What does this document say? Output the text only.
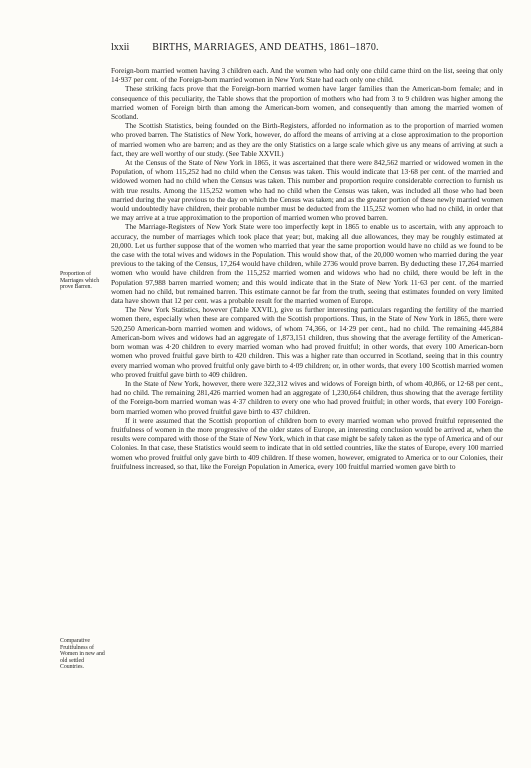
lxxii	BIRTHS, MARRIAGES, AND DEATHS, 1861–1870.
Proportion of Marriages which prove Barren.
Comparative Fruitfulness of Women in new and old settled Countries.

Foreign-born married women having 3 children each. And the women who had only one child came third on the list, seeing that only 14·937 per cent. of the Foreign-born married women in New York State had each only one child.

These striking facts prove that the Foreign-born married women have larger families than the American-born female; and in consequence of this peculiarity, the Table shows that the proportion of mothers who had from 3 to 9 children was higher among the married women of Foreign birth than among the American-born women, and consequently than among the married women of Scotland.

The Scottish Statistics, being founded on the Birth-Registers, afforded no information as to the proportion of married women who proved barren. The Statistics of New York, however, do afford the means of arriving at a close approximation to the proportion of married women who are barren; and as they are the only Statistics on a large scale which give us any means of arriving at such a fact, they are well worthy of our study. (See Table XXVII.)

At the Census of the State of New York in 1865, it was ascertained that there were 842,562 married or widowed women in the Population, of whom 115,252 had no child when the Census was taken. This would indicate that 13·68 per cent. of the married and widowed women had no child when the Census was taken. This number and proportion require considerable correction to furnish us with true results. Among the 115,252 women who had no child when the Census was taken, was included all those who had been married during the year previous to the day on which the Census was taken; and as the greater portion of these newly married women would undoubtedly have children, their probable number must be deducted from the 115,252 women who had no child, in order that we may arrive at a true approximation to the proportion of married women who proved barren.

The Marriage-Registers of New York State were too imperfectly kept in 1865 to enable us to ascertain, with any approach to accuracy, the number of marriages which took place that year; but, making all due allowances, they may be roughly estimated at 20,000. Let us further suppose that of the women who married that year the same proportion would have no child as we found to be the case with the total wives and widows in the Population. This would show that, of the 20,000 women who married during the year previous to the taking of the Census, 17,264 would have children, while 2736 would prove barren. By deducting these 17,264 married women who would have children from the 115,252 married women and widows who had no child, there would be left in the Population 97,988 barren married women; and this would indicate that in the State of New York 11·63 per cent. of the married women had no child, but remained barren. This estimate cannot be far from the truth, seeing that estimates founded on very limited data have shown that 12 per cent. was a probable result for the married women of Europe.

The New York Statistics, however (Table XXVII.), give us further interesting particulars regarding the fertility of the married women there, especially when these are compared with the Scottish proportions. Thus, in the State of New York in 1865, there were 520,250 American-born married women and widows, of whom 74,366, or 14·29 per cent., had no child. The remaining 445,884 American-born wives and widows had an aggregate of 1,873,151 children, thus showing that the average fertility of the American-born woman was 4·20 children to every married woman who had proved fruitful; in other words, that every 100 American-born women who proved fruitful gave birth to 420 children. This was a higher rate than occurred in Scotland, seeing that in this country every married woman who proved fruitful only gave birth to 4·09 children; or, in other words, that every 100 Scottish married women who proved fruitful gave birth to 409 children.

In the State of New York, however, there were 322,312 wives and widows of Foreign birth, of whom 40,866, or 12·68 per cent., had no child. The remaining 281,426 married women had an aggregate of 1,230,664 children, thus showing that the average fertility of the Foreign-born married woman was 4·37 children to every one who had proved fruitful; in other words, that every 100 Foreign-born married women who proved fruitful gave birth to 437 children.

If it were assumed that the Scottish proportion of children born to every married woman who proved fruitful represented the fruitfulness of women in the more progressive of the older states of Europe, an interesting conclusion would be arrived at, when the results were compared with those of the State of New York, which in that case might be safely taken as the type of America and of our Colonies. In that case, these Statistics would seem to indicate that in old settled countries, like the states of Europe, every 100 married women who proved fruitful only gave birth to 409 children. If these women, however, emigrated to America or to our Colonies, their fruitfulness increased, so that, like the Foreign Population in America, every 100 fruitful married women gave birth to
